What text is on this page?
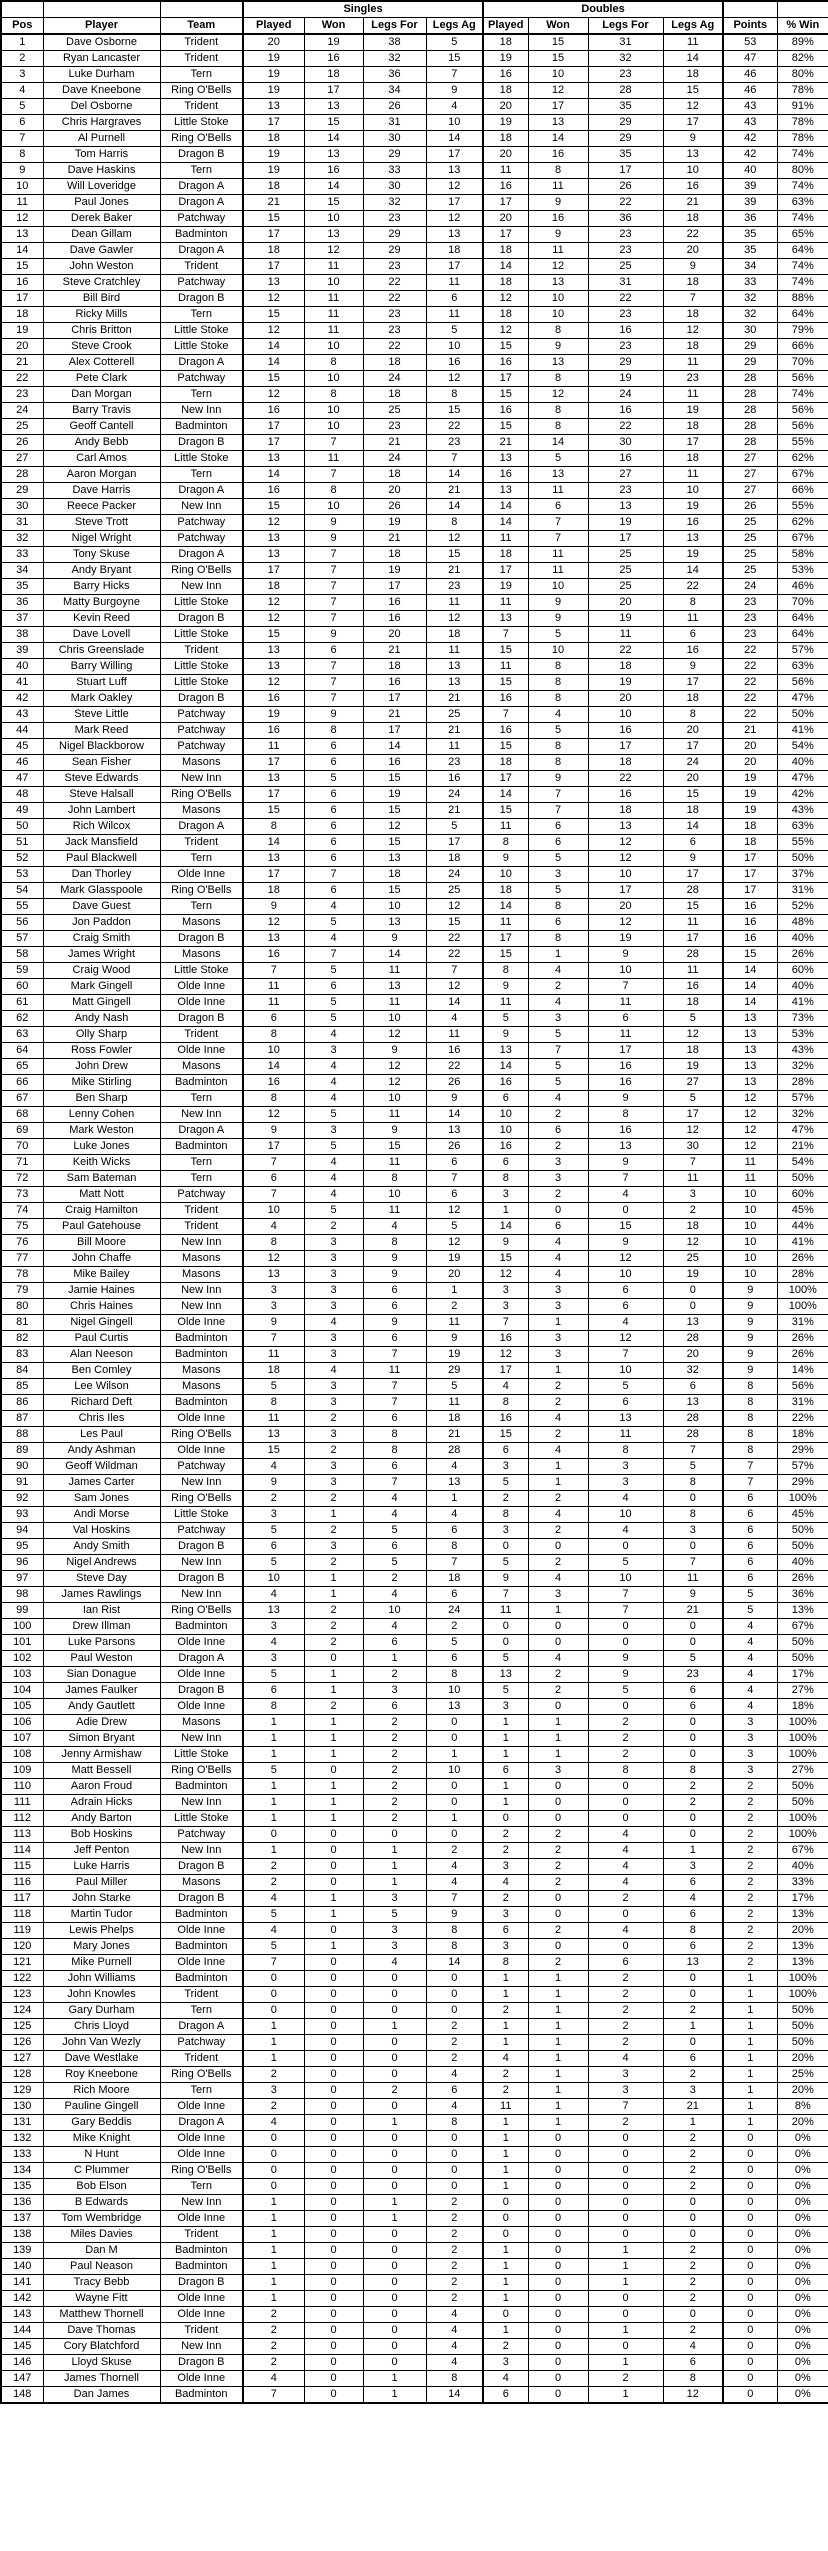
			Singles				Doubles					
Pos	Player	Team	Played	Won	Legs For	Legs Ag	Played	Won	Legs For	Legs Ag	Points	% Win
1	Dave Osborne	Trident	20	19	38	5	18	15	31	11	53	89%
2	Ryan Lancaster	Trident	19	16	32	15	19	15	32	14	47	82%
3	Luke Durham	Tern	19	18	36	7	16	10	23	18	46	80%
4	Dave Kneebone	Ring O'Bells	19	17	34	9	18	12	28	15	46	78%
5	Del Osborne	Trident	13	13	26	4	20	17	35	12	43	91%
6	Chris Hargraves	Little Stoke	17	15	31	10	19	13	29	17	43	78%
7	Al Purnell	Ring O'Bells	18	14	30	14	18	14	29	9	42	78%
8	Tom Harris	Dragon B	19	13	29	17	20	16	35	13	42	74%
9	Dave Haskins	Tern	19	16	33	13	11	8	17	10	40	80%
10	Will Loveridge	Dragon A	18	14	30	12	16	11	26	16	39	74%
11	Paul Jones	Dragon A	21	15	32	17	17	9	22	21	39	63%
12	Derek Baker	Patchway	15	10	23	12	20	16	36	18	36	74%
13	Dean Gillam	Badminton	17	13	29	13	17	9	23	22	35	65%
14	Dave Gawler	Dragon A	18	12	29	18	18	11	23	20	35	64%
15	John Weston	Trident	17	11	23	17	14	12	25	9	34	74%
16	Steve Cratchley	Patchway	13	10	22	11	18	13	31	18	33	74%
17	Bill Bird	Dragon B	12	11	22	6	12	10	22	7	32	88%
18	Ricky Mills	Tern	15	11	23	11	18	10	23	18	32	64%
19	Chris Britton	Little Stoke	12	11	23	5	12	8	16	12	30	79%
20	Steve Crook	Little Stoke	14	10	22	10	15	9	23	18	29	66%
21	Alex Cotterell	Dragon A	14	8	18	16	16	13	29	11	29	70%
22	Pete Clark	Patchway	15	10	24	12	17	8	19	23	28	56%
23	Dan Morgan	Tern	12	8	18	8	15	12	24	11	28	74%
24	Barry Travis	New Inn	16	10	25	15	16	8	16	19	28	56%
25	Geoff Cantell	Badminton	17	10	23	22	15	8	22	18	28	56%
26	Andy Bebb	Dragon B	17	7	21	23	21	14	30	17	28	55%
27	Carl Amos	Little Stoke	13	11	24	7	13	5	16	18	27	62%
28	Aaron Morgan	Tern	14	7	18	14	16	13	27	11	27	67%
29	Dave Harris	Dragon A	16	8	20	21	13	11	23	10	27	66%
30	Reece Packer	New Inn	15	10	26	14	14	6	13	19	26	55%
31	Steve Trott	Patchway	12	9	19	8	14	7	19	16	25	62%
32	Nigel Wright	Patchway	13	9	21	12	11	7	17	13	25	67%
33	Tony Skuse	Dragon A	13	7	18	15	18	11	25	19	25	58%
34	Andy Bryant	Ring O'Bells	17	7	19	21	17	11	25	14	25	53%
35	Barry Hicks	New Inn	18	7	17	23	19	10	25	22	24	46%
36	Matty Burgoyne	Little Stoke	12	7	16	11	11	9	20	8	23	70%
37	Kevin Reed	Dragon B	12	7	16	12	13	9	19	11	23	64%
38	Dave Lovell	Little Stoke	15	9	20	18	7	5	11	6	23	64%
39	Chris Greenslade	Trident	13	6	21	11	15	10	22	16	22	57%
40	Barry Willing	Little Stoke	13	7	18	13	11	8	18	9	22	63%
41	Stuart Luff	Little Stoke	12	7	16	13	15	8	19	17	22	56%
42	Mark Oakley	Dragon B	16	7	17	21	16	8	20	18	22	47%
43	Steve Little	Patchway	19	9	21	25	7	4	10	8	22	50%
44	Mark Reed	Patchway	16	8	17	21	16	5	16	20	21	41%
45	Nigel Blackborow	Patchway	11	6	14	11	15	8	17	17	20	54%
46	Sean Fisher	Masons	17	6	16	23	18	8	18	24	20	40%
47	Steve Edwards	New Inn	13	5	15	16	17	9	22	20	19	47%
48	Steve Halsall	Ring O'Bells	17	6	19	24	14	7	16	15	19	42%
49	John Lambert	Masons	15	6	15	21	15	7	18	18	19	43%
50	Rich Wilcox	Dragon A	8	6	12	5	11	6	13	14	18	63%
51	Jack Mansfield	Trident	14	6	15	17	8	6	12	6	18	55%
52	Paul Blackwell	Tern	13	6	13	18	9	5	12	9	17	50%
53	Dan Thorley	Olde Inne	17	7	18	24	10	3	10	17	17	37%
54	Mark Glasspoole	Ring O'Bells	18	6	15	25	18	5	17	28	17	31%
55	Dave Guest	Tern	9	4	10	12	14	8	20	15	16	52%
56	Jon Paddon	Masons	12	5	13	15	11	6	12	11	16	48%
57	Craig Smith	Dragon B	13	4	9	22	17	8	19	17	16	40%
58	James Wright	Masons	16	7	14	22	15	1	9	28	15	26%
59	Craig Wood	Little Stoke	7	5	11	7	8	4	10	11	14	60%
60	Mark Gingell	Olde Inne	11	6	13	12	9	2	7	16	14	40%
61	Matt Gingell	Olde Inne	11	5	11	14	11	4	11	18	14	41%
62	Andy Nash	Dragon B	6	5	10	4	5	3	6	5	13	73%
63	Olly Sharp	Trident	8	4	12	11	9	5	11	12	13	53%
64	Ross Fowler	Olde Inne	10	3	9	16	13	7	17	18	13	43%
65	John Drew	Masons	14	4	12	22	14	5	16	19	13	32%
66	Mike Stirling	Badminton	16	4	12	26	16	5	16	27	13	28%
67	Ben Sharp	Tern	8	4	10	9	6	4	9	5	12	57%
68	Lenny Cohen	New Inn	12	5	11	14	10	2	8	17	12	32%
69	Mark Weston	Dragon A	9	3	9	13	10	6	16	12	12	47%
70	Luke Jones	Badminton	17	5	15	26	16	2	13	30	12	21%
71	Keith Wicks	Tern	7	4	11	6	6	3	9	7	11	54%
72	Sam Bateman	Tern	6	4	8	7	8	3	7	11	11	50%
73	Matt Nott	Patchway	7	4	10	6	3	2	4	3	10	60%
74	Craig Hamilton	Trident	10	5	11	12	1	0	0	2	10	45%
75	Paul Gatehouse	Trident	4	2	4	5	14	6	15	18	10	44%
76	Bill Moore	New Inn	8	3	8	12	9	4	9	12	10	41%
77	John Chaffe	Masons	12	3	9	19	15	4	12	25	10	26%
78	Mike Bailey	Masons	13	3	9	20	12	4	10	19	10	28%
79	Jamie Haines	New Inn	3	3	6	1	3	3	6	0	9	100%
80	Chris Haines	New Inn	3	3	6	2	3	3	6	0	9	100%
81	Nigel Gingell	Olde Inne	9	4	9	11	7	1	4	13	9	31%
82	Paul Curtis	Badminton	7	3	6	9	16	3	12	28	9	26%
83	Alan Neeson	Badminton	11	3	7	19	12	3	7	20	9	26%
84	Ben Comley	Masons	18	4	11	29	17	1	10	32	9	14%
85	Lee Wilson	Masons	5	3	7	5	4	2	5	6	8	56%
86	Richard Deft	Badminton	8	3	7	11	8	2	6	13	8	31%
87	Chris Iles	Olde Inne	11	2	6	18	16	4	13	28	8	22%
88	Les Paul	Ring O'Bells	13	3	8	21	15	2	11	28	8	18%
89	Andy Ashman	Olde Inne	15	2	8	28	6	4	8	7	8	29%
90	Geoff Wildman	Patchway	4	3	6	4	3	1	3	5	7	57%
91	James Carter	New Inn	9	3	7	13	5	1	3	8	7	29%
92	Sam Jones	Ring O'Bells	2	2	4	1	2	2	4	0	6	100%
93	Andi Morse	Little Stoke	3	1	4	4	8	4	10	8	6	45%
94	Val Hoskins	Patchway	5	2	5	6	3	2	4	3	6	50%
95	Andy Smith	Dragon B	6	3	6	8	0	0	0	0	6	50%
96	Nigel Andrews	New Inn	5	2	5	7	5	2	5	7	6	40%
97	Steve Day	Dragon B	10	1	2	18	9	4	10	11	6	26%
98	James Rawlings	New Inn	4	1	4	6	7	3	7	9	5	36%
99	Ian Rist	Ring O'Bells	13	2	10	24	11	1	7	21	5	13%
100	Drew Illman	Badminton	3	2	4	2	0	0	0	0	4	67%
101	Luke Parsons	Olde Inne	4	2	6	5	0	0	0	0	4	50%
102	Paul Weston	Dragon A	3	0	1	6	5	4	9	5	4	50%
103	Sian Donague	Olde Inne	5	1	2	8	13	2	9	23	4	17%
104	James Faulker	Dragon B	6	1	3	10	5	2	5	6	4	27%
105	Andy Gautlett	Olde Inne	8	2	6	13	3	0	0	6	4	18%
106	Adie Drew	Masons	1	1	2	0	1	1	2	0	3	100%
107	Simon Bryant	New Inn	1	1	2	0	1	1	2	0	3	100%
108	Jenny Armishaw	Little Stoke	1	1	2	1	1	1	2	0	3	100%
109	Matt Bessell	Ring O'Bells	5	0	2	10	6	3	8	8	3	27%
110	Aaron Froud	Badminton	1	1	2	0	1	0	0	2	2	50%
111	Adrain Hicks	New Inn	1	1	2	0	1	0	0	2	2	50%
112	Andy Barton	Little Stoke	1	1	2	1	0	0	0	0	2	100%
113	Bob Hoskins	Patchway	0	0	0	0	2	2	4	0	2	100%
114	Jeff Penton	New Inn	1	0	1	2	2	2	4	1	2	67%
115	Luke Harris	Dragon B	2	0	1	4	3	2	4	3	2	40%
116	Paul Miller	Masons	2	0	1	4	4	2	4	6	2	33%
117	John Starke	Dragon B	4	1	3	7	2	0	2	4	2	17%
118	Martin Tudor	Badminton	5	1	5	9	3	0	0	6	2	13%
119	Lewis Phelps	Olde Inne	4	0	3	8	6	2	4	8	2	20%
120	Mary Jones	Badminton	5	1	3	8	3	0	0	6	2	13%
121	Mike Purnell	Olde Inne	7	0	4	14	8	2	6	13	2	13%
122	John Williams	Badminton	0	0	0	0	1	1	2	0	1	100%
123	John Knowles	Trident	0	0	0	0	1	1	2	0	1	100%
124	Gary Durham	Tern	0	0	0	0	2	1	2	2	1	50%
125	Chris Lloyd	Dragon A	1	0	1	2	1	1	2	1	1	50%
126	John Van Wezly	Patchway	1	0	0	2	1	1	2	0	1	50%
127	Dave Westlake	Trident	1	0	0	2	4	1	4	6	1	20%
128	Roy Kneebone	Ring O'Bells	2	0	0	4	2	1	3	2	1	25%
129	Rich Moore	Tern	3	0	2	6	2	1	3	3	1	20%
130	Pauline Gingell	Olde Inne	2	0	0	4	11	1	7	21	1	8%
131	Gary Beddis	Dragon A	4	0	1	8	1	1	2	1	1	20%
132	Mike Knight	Olde Inne	0	0	0	0	1	0	0	2	0	0%
133	N Hunt	Olde Inne	0	0	0	0	1	0	0	2	0	0%
134	C Plummer	Ring O'Bells	0	0	0	0	1	0	0	2	0	0%
135	Bob Elson	Tern	0	0	0	0	1	0	0	2	0	0%
136	B Edwards	New Inn	1	0	1	2	0	0	0	0	0	0%
137	Tom Wembridge	Olde Inne	1	0	1	2	0	0	0	0	0	0%
138	Miles Davies	Trident	1	0	0	2	0	0	0	0	0	0%
139	Dan M	Badminton	1	0	0	2	1	0	1	2	0	0%
140	Paul Neason	Badminton	1	0	0	2	1	0	1	2	0	0%
141	Tracy Bebb	Dragon B	1	0	0	2	1	0	1	2	0	0%
142	Wayne Fitt	Olde Inne	1	0	0	2	1	0	0	2	0	0%
143	Matthew Thornell	Olde Inne	2	0	0	4	0	0	0	0	0	0%
144	Dave Thomas	Trident	2	0	0	4	1	0	1	2	0	0%
145	Cory Blatchford	New Inn	2	0	0	4	2	0	0	4	0	0%
146	Lloyd Skuse	Dragon B	2	0	0	4	3	0	1	6	0	0%
147	James Thornell	Olde Inne	4	0	1	8	4	0	2	8	0	0%
148	Dan James	Badminton	7	0	1	14	6	0	1	12	0	0%
